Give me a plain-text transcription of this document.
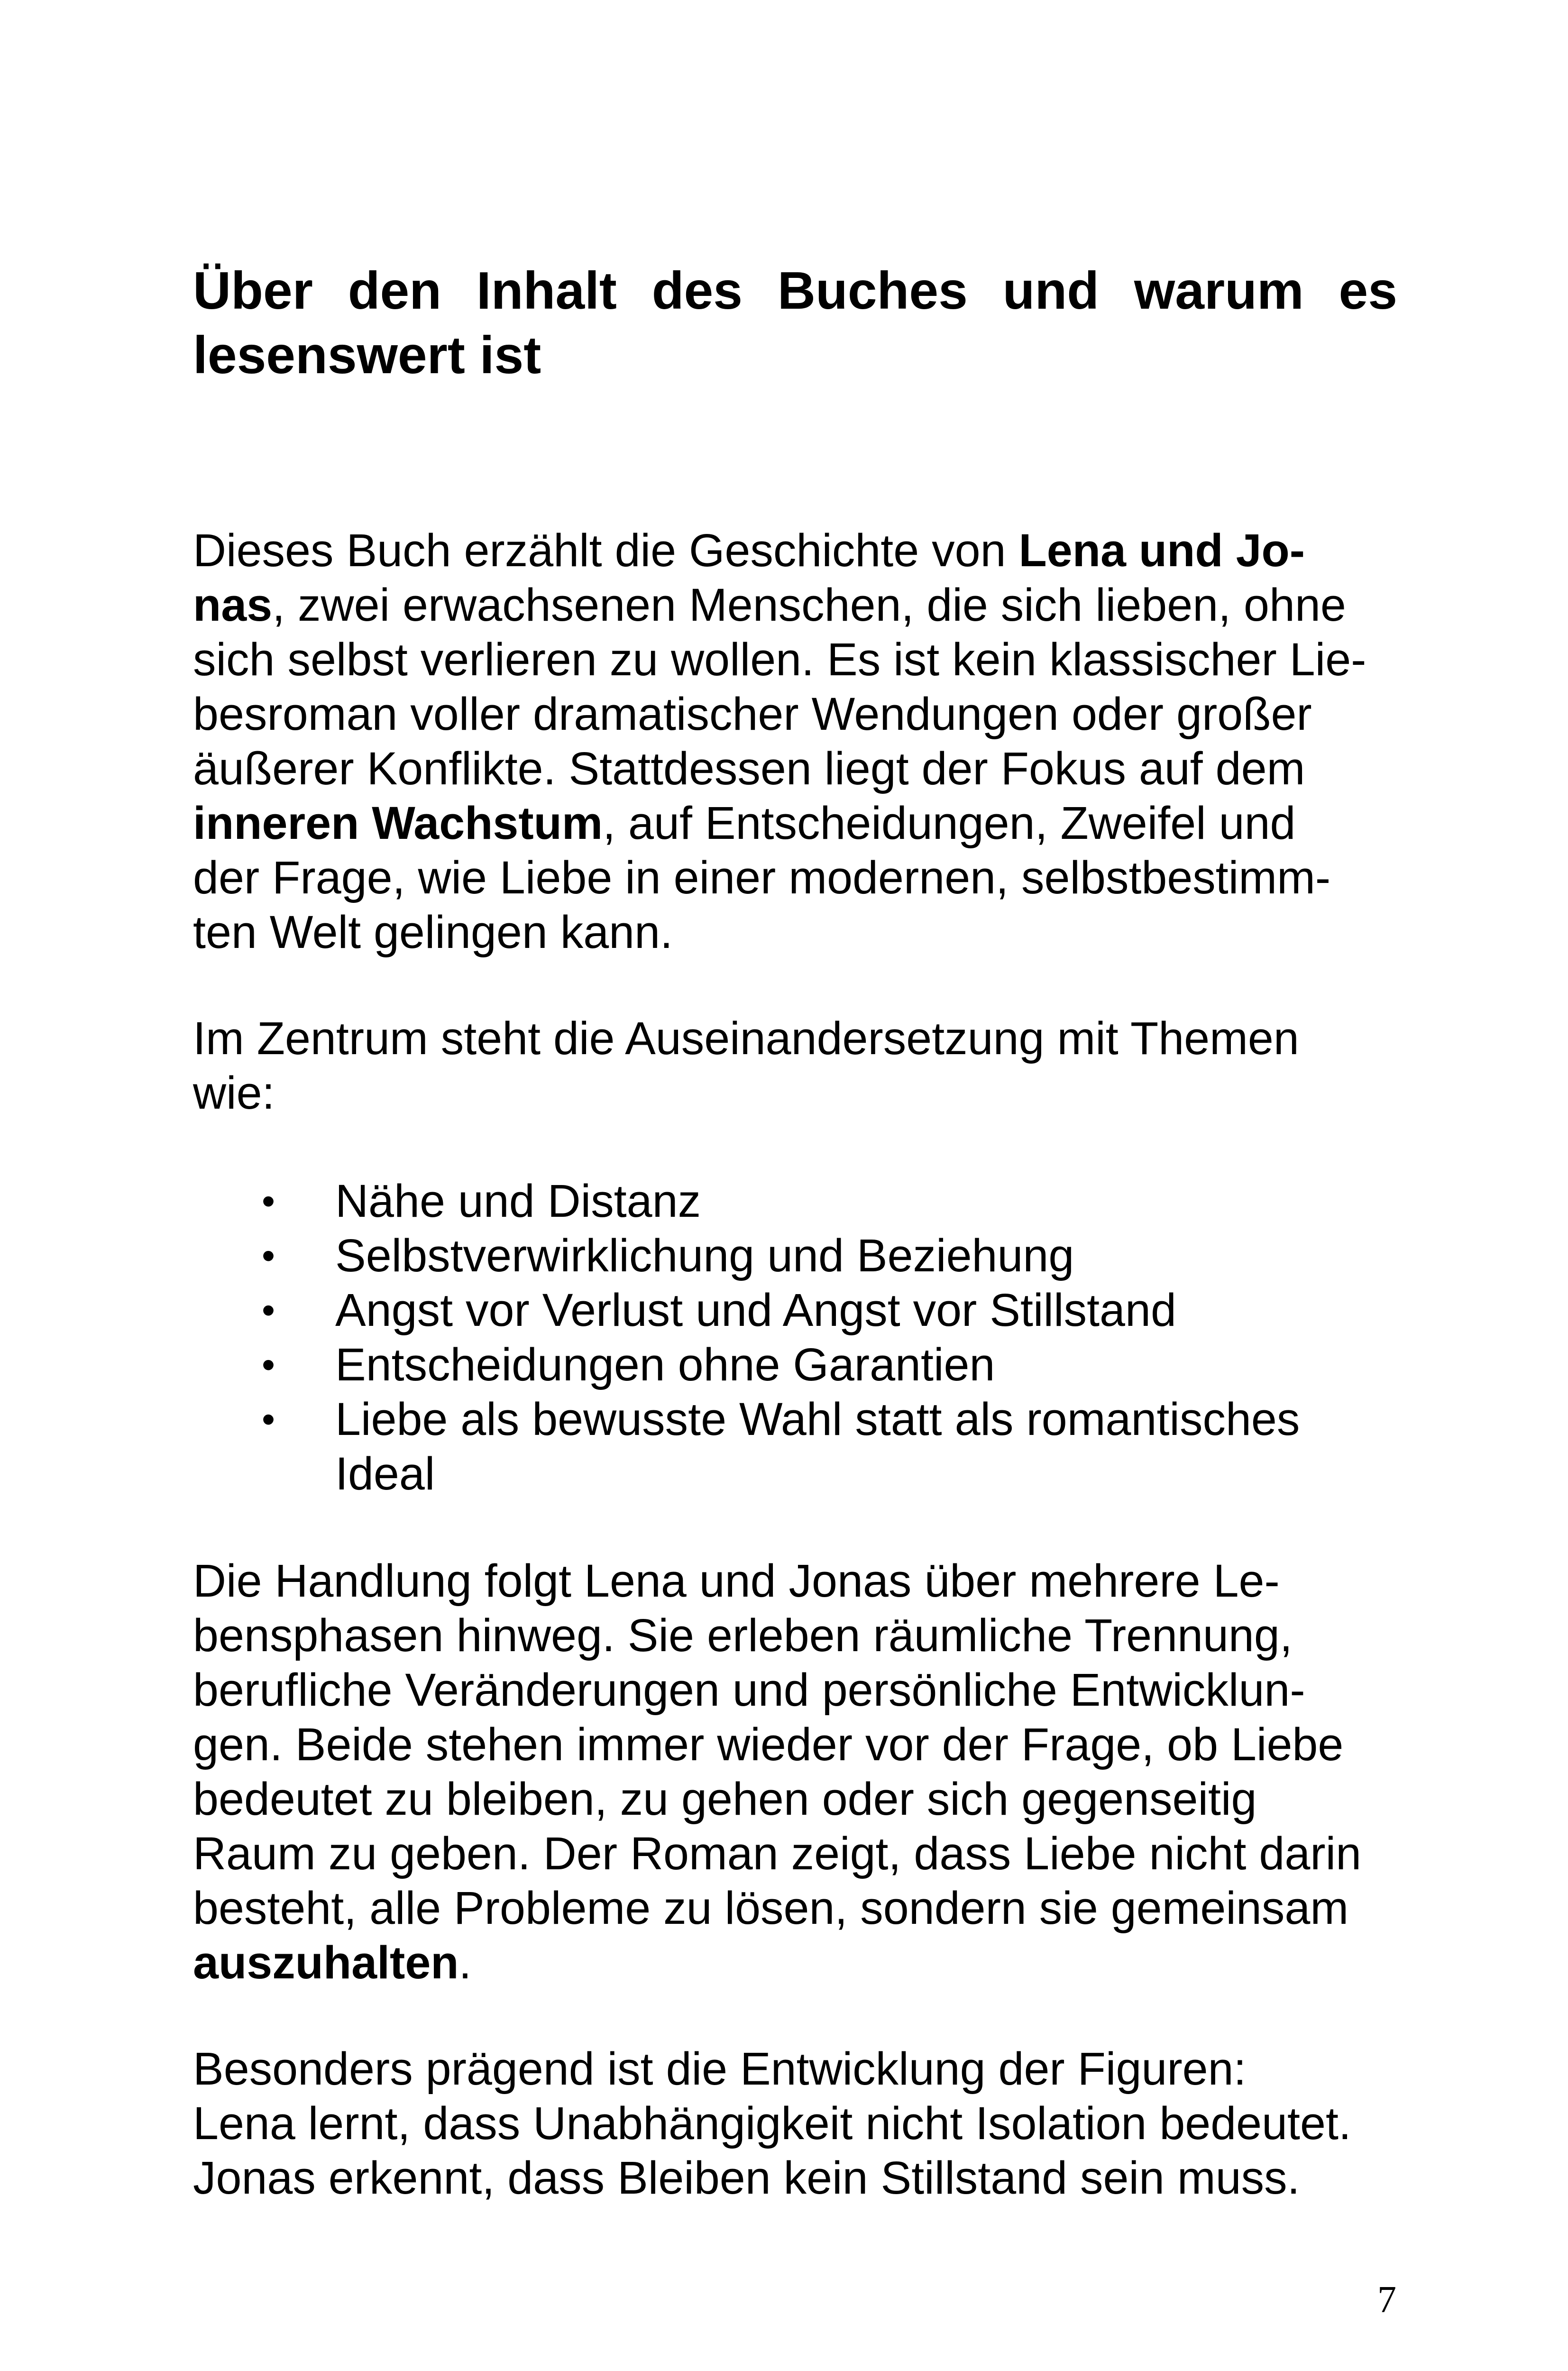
Über den Inhalt des Buches und warum es
lesenswert ist
Dieses Buch erzählt die Geschichte von Lena und Jo-
nas, zwei erwachsenen Menschen, die sich lieben, ohne
sich selbst verlieren zu wollen. Es ist kein klassischer Lie-
besroman voller dramatischer Wendungen oder großer
äußerer Konflikte. Stattdessen liegt der Fokus auf dem
inneren Wachstum, auf Entscheidungen, Zweifel und
der Frage, wie Liebe in einer modernen, selbstbestimm-
ten Welt gelingen kann.
Im Zentrum steht die Auseinandersetzung mit Themen
wie:
• Nähe und Distanz
• Selbstverwirklichung und Beziehung
• Angst vor Verlust und Angst vor Stillstand
• Entscheidungen ohne Garantien
• Liebe als bewusste Wahl statt als romantisches
Ideal
Die Handlung folgt Lena und Jonas über mehrere Le-
bensphasen hinweg. Sie erleben räumliche Trennung,
berufliche Veränderungen und persönliche Entwicklun-
gen. Beide stehen immer wieder vor der Frage, ob Liebe
bedeutet zu bleiben, zu gehen oder sich gegenseitig
Raum zu geben. Der Roman zeigt, dass Liebe nicht darin
besteht, alle Probleme zu lösen, sondern sie gemeinsam
auszuhalten.
Besonders prägend ist die Entwicklung der Figuren:
Lena lernt, dass Unabhängigkeit nicht Isolation bedeutet.
Jonas erkennt, dass Bleiben kein Stillstand sein muss.
7
